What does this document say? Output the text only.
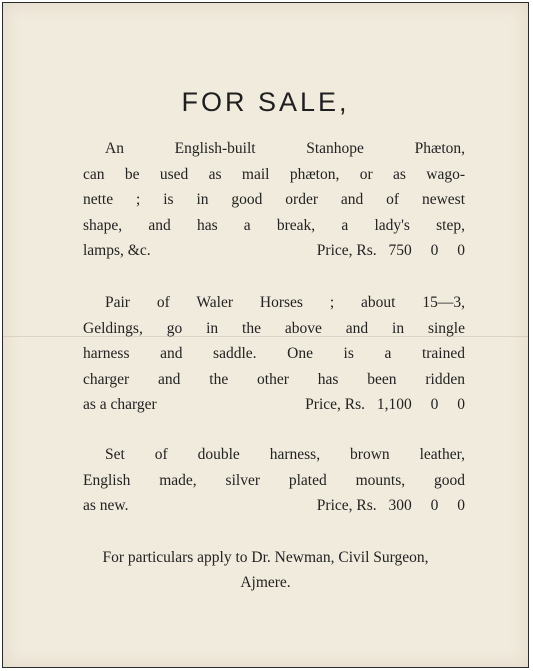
FOR SALE,
An English-built Stanhope Phæton,
can be used as mail phæton, or as wago-
nette ; is in good order and of newest
shape, and has a break, a lady's step,
lamps, &c.	Price, Rs. 750 0 0
Pair of Waler Horses ; about 15—3,
Geldings, go in the above and in single
harness and saddle. One is a trained
charger and the other has been ridden
as a charger	Price, Rs. 1,100 0 0
Set of double harness, brown leather,
English made, silver plated mounts, good
as new.	Price, Rs. 300 0 0
For particulars apply to Dr. Newman, Civil Surgeon,
Ajmere.
